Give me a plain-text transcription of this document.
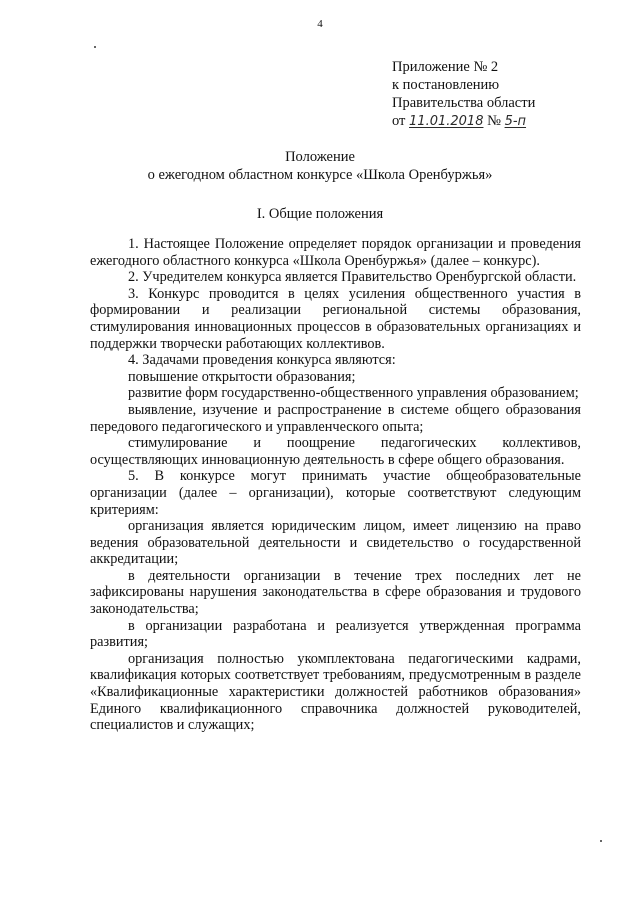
4
Приложение № 2
к постановлению
Правительства области
от 11.01.2018 № 5-п
Положение
о ежегодном областном конкурсе «Школа Оренбуржья»
I. Общие положения

1. Настоящее Положение определяет порядок организации и проведения ежегодного областного конкурса «Школа Оренбуржья» (далее – конкурс).

2. Учредителем конкурса является Правительство Оренбургской области.

3. Конкурс проводится в целях усиления общественного участия в формировании и реализации региональной системы образования, стимулирования инновационных процессов в образовательных организациях и поддержки творчески работающих коллективов.

4. Задачами проведения конкурса являются:

повышение открытости образования;

развитие форм государственно-общественного управления образованием;

выявление, изучение и распространение в системе общего образования передового педагогического и управленческого опыта;

стимулирование и поощрение педагогических коллективов, осуществляющих инновационную деятельность в сфере общего образования.

5. В конкурсе могут принимать участие общеобразовательные организации (далее – организации), которые соответствуют следующим критериям:

организация является юридическим лицом, имеет лицензию на право ведения образовательной деятельности и свидетельство о государственной аккредитации;

в деятельности организации в течение трех последних лет не зафиксированы нарушения законодательства в сфере образования и трудового законодательства;

в организации разработана и реализуется утвержденная программа развития;

организация полностью укомплектована педагогическими кадрами, квалификация которых соответствует требованиям, предусмотренным в разделе «Квалификационные характеристики должностей работников образования» Единого квалификационного справочника должностей руководителей, специалистов и служащих;
